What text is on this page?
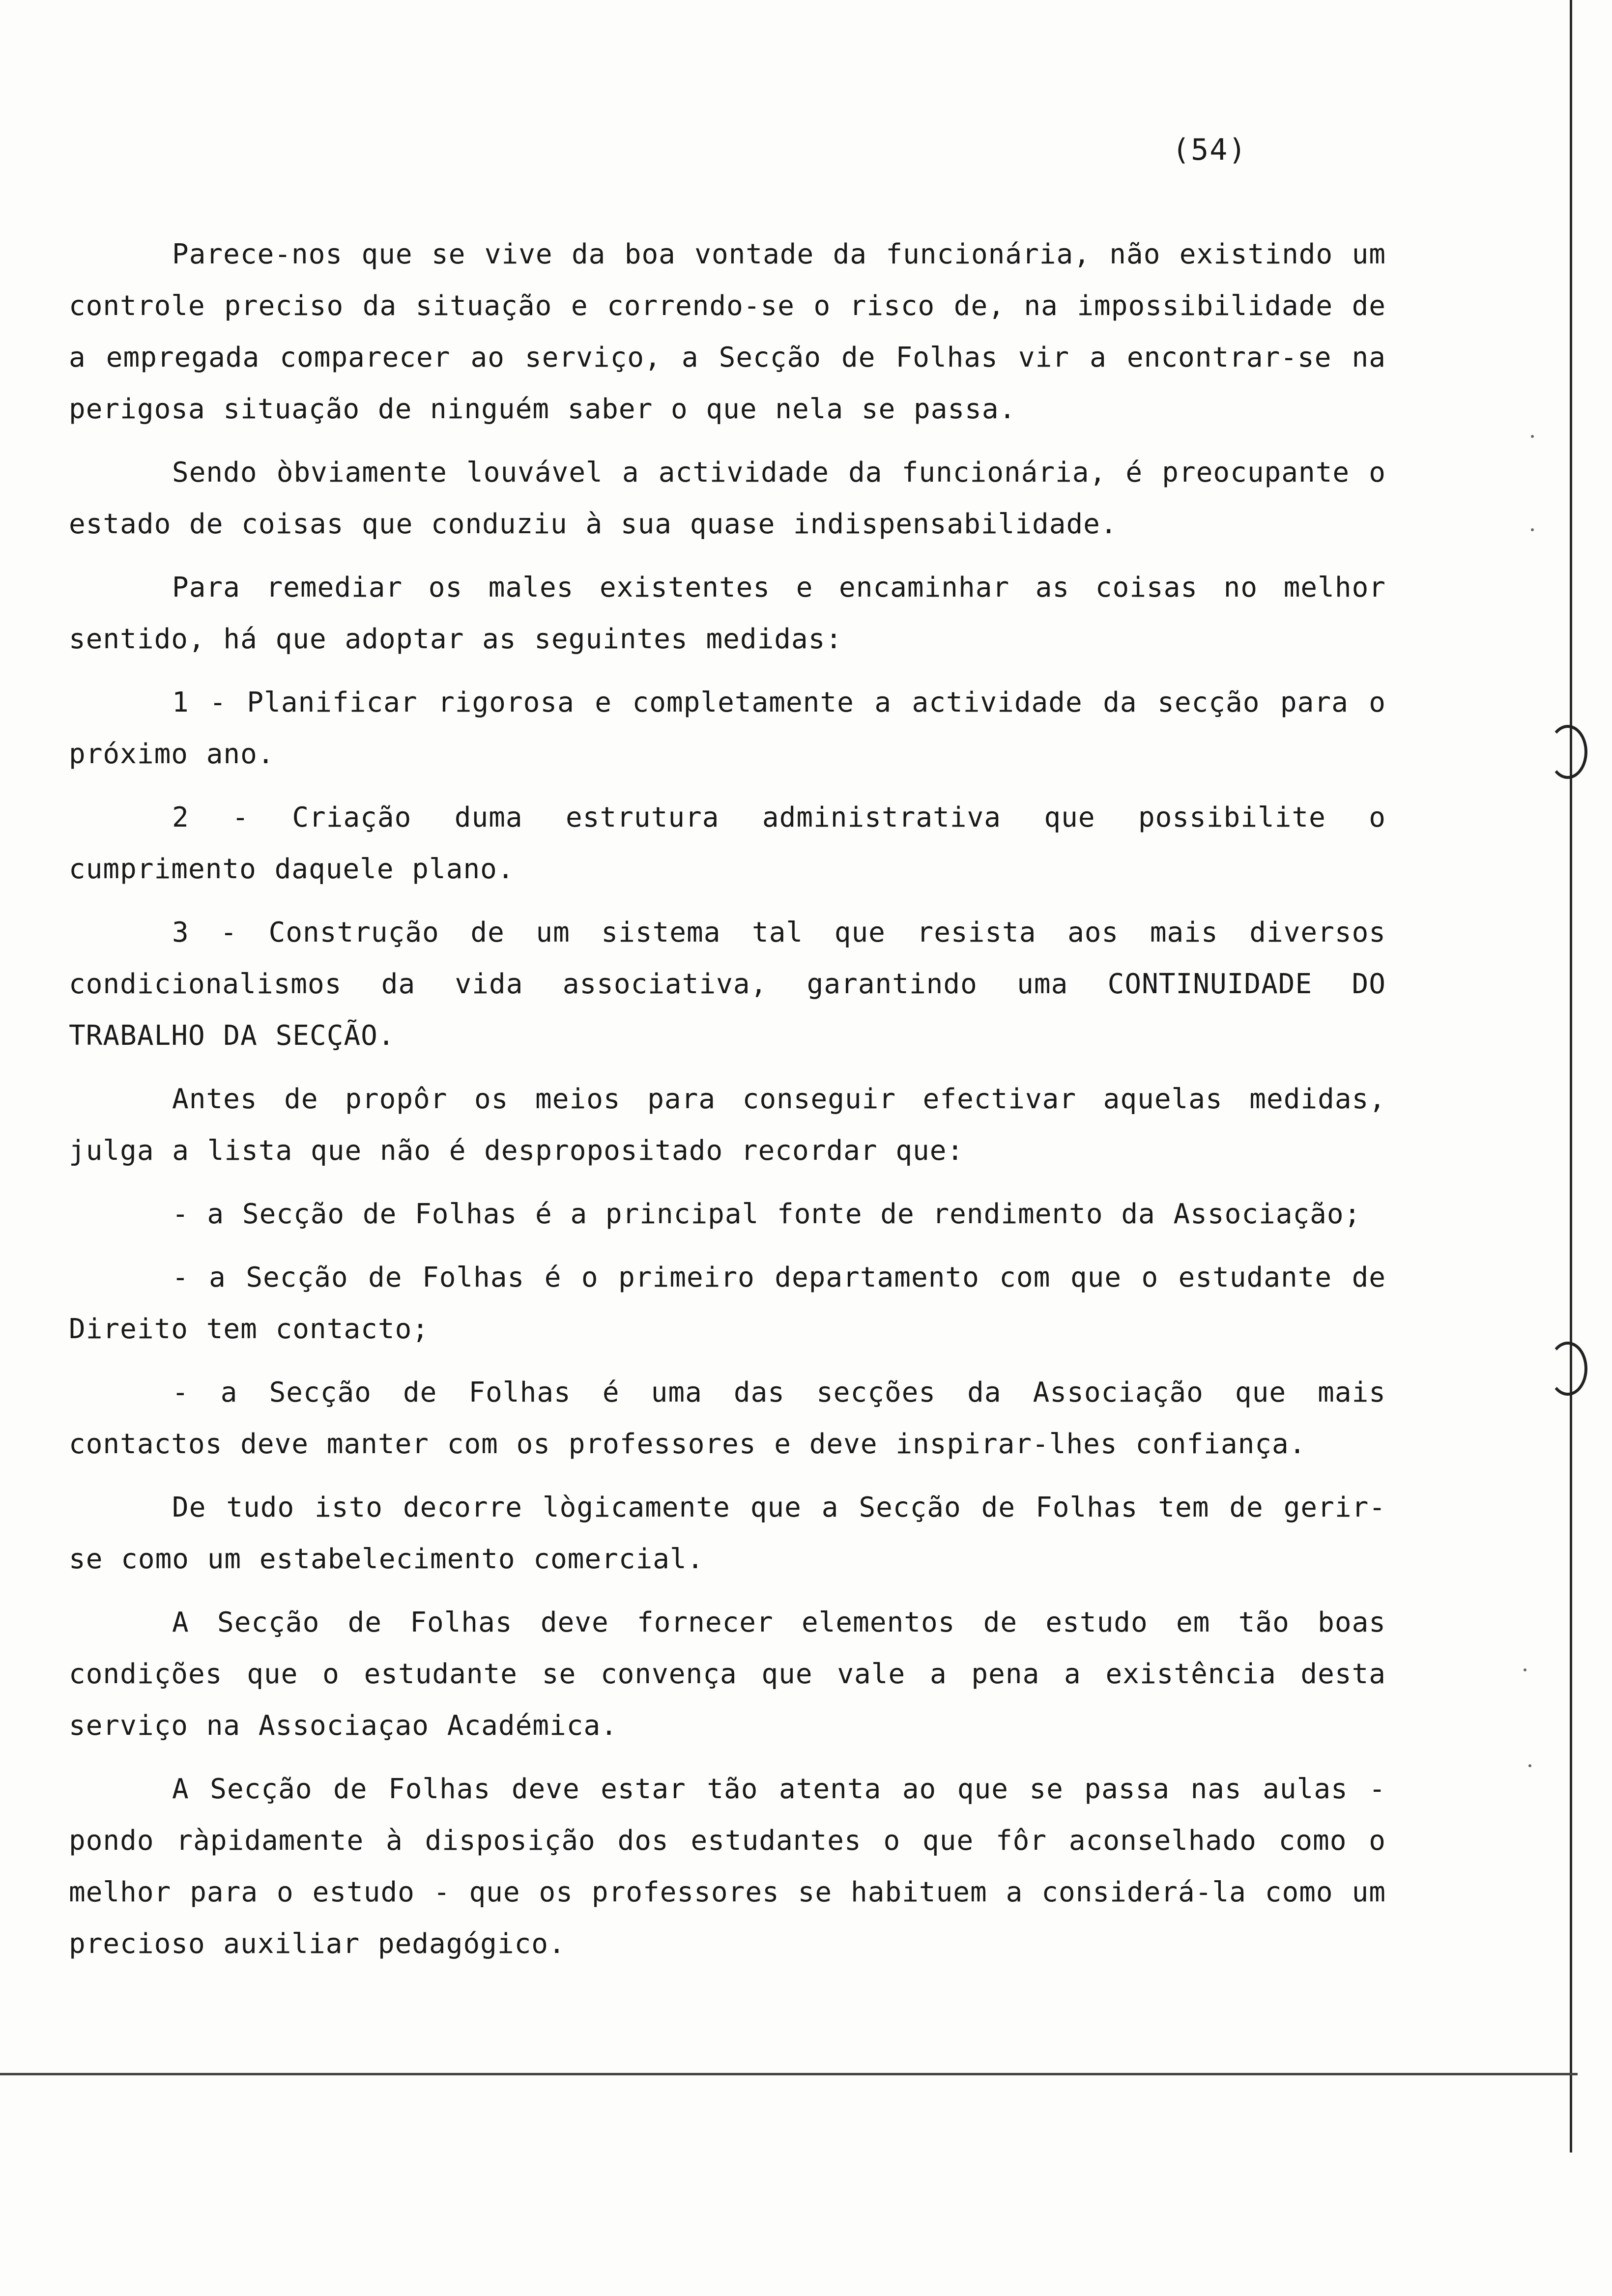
(54)

Parece-nos que se vive da boa vontade da funcionária, não existindo um controle preciso da situação e correndo-se o risco de, na impossibilidade de a empregada comparecer ao serviço, a Secção de Folhas vir a encontrar-se na perigosa situação de ninguém saber o que nela se passa.

Sendo òbviamente louvável a actividade da funcionária, é preocupante o estado de coisas que conduziu à sua quase indispensabilidade.

Para remediar os males existentes e encaminhar as coisas no melhor sentido, há que adoptar as seguintes medidas:

1 - Planificar rigorosa e completamente a actividade da secção para o próximo ano.

2 - Criação duma estrutura administrativa que possibilite o cumprimento daquele plano.

3 - Construção de um sistema tal que resista aos mais diversos condicionalismos da vida associativa, garantindo uma CONTINUIDADE DO TRABALHO DA SECÇÃO.

Antes de propôr os meios para conseguir efectivar aquelas medidas, julga a lista que não é despropositado recordar que:

- a Secção de Folhas é a principal fonte de rendimento da Associação;

- a Secção de Folhas é o primeiro departamento com que o estudante de Direito tem contacto;

- a Secção de Folhas é uma das secções da Associação que mais contactos deve manter com os professores e deve inspirar-lhes confiança.

De tudo isto decorre lògicamente que a Secção de Folhas tem de gerir-se como um estabelecimento comercial.

A Secção de Folhas deve fornecer elementos de estudo em tão boas condições que o estudante se convença que vale a pena a existência desta serviço na Associaçao Académica.

A Secção de Folhas deve estar tão atenta ao que se passa nas aulas - pondo ràpidamente à disposição dos estudantes o que fôr aconselhado como o melhor para o estudo - que os professores se habituem a considerá-la como um precioso auxiliar pedagógico.
